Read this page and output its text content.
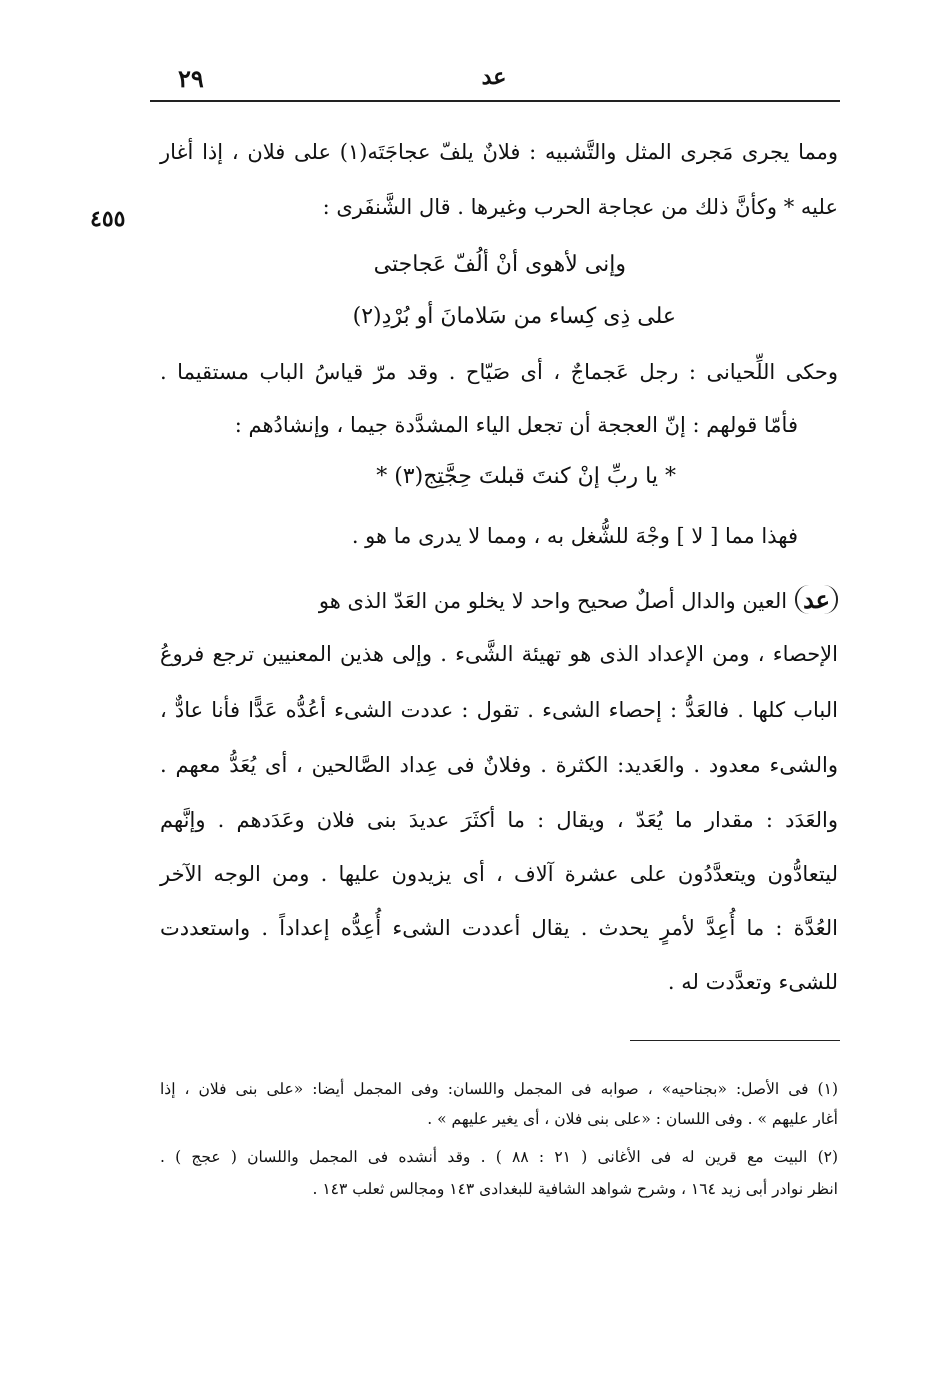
٢٩	عد
٤٥٥
ومما يجرى مَجرى المثل والتَّشبيه : فلانٌ يلفّ عجاجَتَه(١) على فلان ، إذا أغار
عليه * وكأنَّ ذلك من عجاجة الحرب وغيرها . قال الشَّنفَرى :
وإنى لأهوى أنْ ألُفّ عَجاجتى
على ذِى كِساء من سَلامانَ أو بُرْدِ(٢)
وحكى اللِّحيانى : رجل عَجماجٌ ، أى صَيّاح . وقد مرّ قياسُ الباب مستقيما .
فأمّا قولهم : إنّ العججة أن تجعل الياء المشدَّدة جيما ، وإنشادُهم :
* يا ربِّ إنْ كنتَ قبلتَ حِجَّتِج(٣) *
فهذا مما [ لا ] وجْهَ للشُّغل به ، ومما لا يدرى ما هو .
عدالعين والدال أصلٌ صحيح واحد لا يخلو من العَدّ الذى هو
الإحصاء ، ومن الإعداد الذى هو تهيئة الشَّىء . وإلى هذين المعنيين ترجع فروعُ
الباب كلها . فالعَدُّ : إحصاء الشىء . تقول : عددت الشىء أعُدُّه عَدًّا فأنا عادٌّ ،
والشىء معدود . والعَديد: الكثرة . وفلانٌ فى عِداد الصَّالحين ، أى يُعَدُّ معهم .
والعَدَد : مقدار ما يُعَدّ ، ويقال : ما أكثَرَ عديدَ بنى فلان وعَدَدهم . وإنَّهم
ليتعادُّون ويتعدَّدُون على عشرة آلاف ، أى يزيدون عليها . ومن الوجه الآخر
العُدَّة : ما أُعِدَّ لأمرٍ يحدث . يقال أعددت الشىء أُعِدُّه إعداداً . واستعددت
للشىء وتعدَّدت له .
(١) فى الأصل: «بجناحيه» ، صوابه فى المجمل واللسان: وفى المجمل أيضا: «على بنى فلان ، إذا
أغار عليهم » . وفى اللسان : «على بنى فلان ، أى يغير عليهم » .
(٢) البيت مع قرين له فى الأغانى ( ٢١ : ٨٨ ) . وقد أنشده فى المجمل واللسان ( عجج ) .
انظر نوادر أبى زيد ١٦٤ ، وشرح شواهد الشافية للبغدادى ١٤٣ ومجالس ثعلب ١٤٣ .
